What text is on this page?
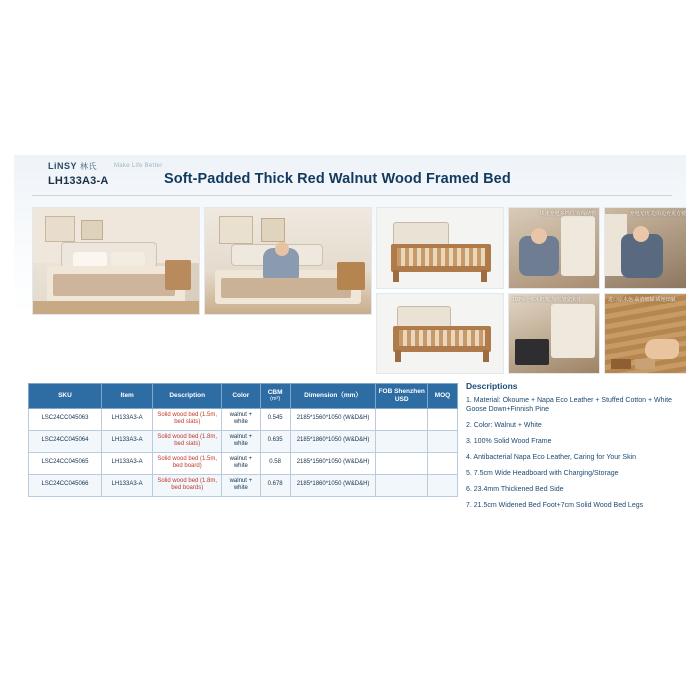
LiNSY 林氏	Make Life Better
LH133A3-A	Soft-Padded Thick Red Walnut Wood Framed Bed
快速充电多档位 有线储物	充电无忧 边用边充更方便
100%全实木框架 加厚加宽床体	进口原木色 高清细腻 质地细腻
SKU	Item	Description	Color	CBM
(m³)	Dimension（mm）	FOB Shenzhen USD	MOQ
LSC24CC045063	LH133A3-A	Solid wood bed (1.5m, bed slats)	walnut + white	0.545	2185*1560*1050 (W&D&H)		
LSC24CC045064	LH133A3-A	Solid wood bed (1.8m, bed slats)	walnut + white	0.635	2185*1860*1050 (W&D&H)		
LSC24CC045065	LH133A3-A	Solid wood bed (1.5m, bed board)	walnut + white	0.58	2185*1560*1050 (W&D&H)		
LSC24CC045066	LH133A3-A	Solid wood bed (1.8m, bed boards)	walnut + white	0.678	2185*1860*1050 (W&D&H)		
Descriptions
1. Material: Okoume + Napa Eco Leather + Stuffed Cotton + White Goose Down+Finnish Pine
2. Color: Walnut + White
3. 100% Solid Wood Frame
4. Antibacterial Napa Eco Leather, Caring for Your Skin
5. 7.5cm Wide Headboard with Charging/Storage
6. 23.4mm Thickened Bed Side
7. 21.5cm Widened Bed Foot+7cm Solid Wood Bed Legs
